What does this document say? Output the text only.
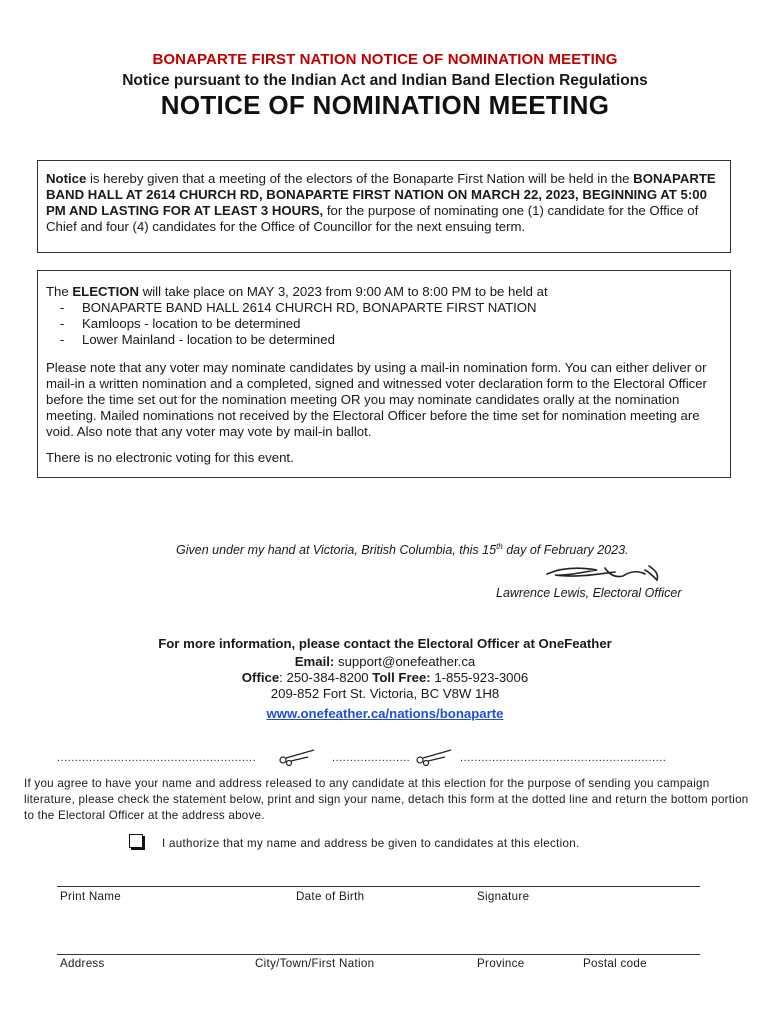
BONAPARTE FIRST NATION NOTICE OF NOMINATION MEETING
Notice pursuant to the Indian Act and Indian Band Election Regulations
NOTICE OF NOMINATION MEETING
Notice is hereby given that a meeting of the electors of the Bonaparte First Nation will be held in the BONAPARTE BAND HALL AT 2614 CHURCH RD, BONAPARTE FIRST NATION ON MARCH 22, 2023, BEGINNING AT 5:00 PM AND LASTING FOR AT LEAST 3 HOURS, for the purpose of nominating one (1) candidate for the Office of Chief and four (4) candidates for the Office of Councillor for the next ensuing term.
The ELECTION will take place on MAY 3, 2023 from 9:00 AM to 8:00 PM to be held at
- BONAPARTE BAND HALL 2614 CHURCH RD, BONAPARTE FIRST NATION
- Kamloops - location to be determined
- Lower Mainland - location to be determined
Please note that any voter may nominate candidates by using a mail-in nomination form. You can either deliver or mail-in a written nomination and a completed, signed and witnessed voter declaration form to the Electoral Officer before the time set out for the nomination meeting OR you may nominate candidates orally at the nomination meeting. Mailed nominations not received by the Electoral Officer before the time set for nomination meeting are void. Also note that any voter may vote by mail-in ballot.
There is no electronic voting for this event.
Given under my hand at Victoria, British Columbia, this 15th day of February 2023.
Lawrence Lewis, Electoral Officer
For more information, please contact the Electoral Officer at OneFeather
Email: support@onefeather.ca
Office: 250-384-8200 Toll Free: 1-855-923-3006
209-852 Fort St. Victoria, BC V8W 1H8
www.onefeather.ca/nations/bonaparte
........................................................	......................	..........................................................
If you agree to have your name and address released to any candidate at this election for the purpose of sending you campaign literature, please check the statement below, print and sign your name, detach this form at the dotted line and return the bottom portion to the Electoral Officer at the address above.
I authorize that my name and address be given to candidates at this election.
Print Name	Date of Birth	Signature
Address	City/Town/First Nation	Province	Postal code
